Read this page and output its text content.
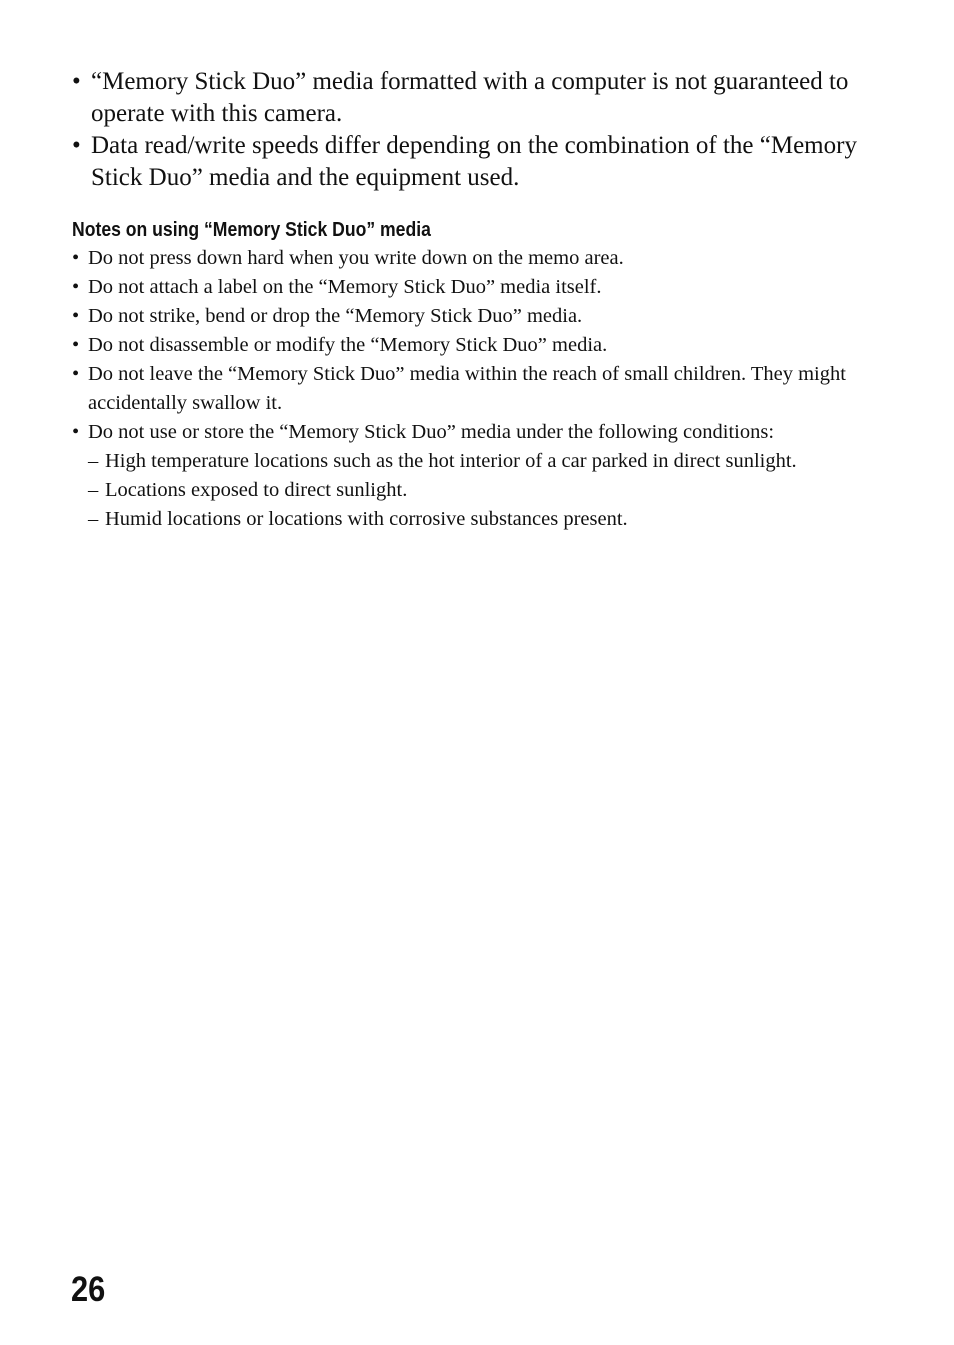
• “Memory Stick Duo” media formatted with a computer is not guaranteed to operate with this camera.
• Data read/write speeds differ depending on the combination of the “Memory Stick Duo” media and the equipment used.
Notes on using “Memory Stick Duo” media
• Do not press down hard when you write down on the memo area.
• Do not attach a label on the “Memory Stick Duo” media itself.
• Do not strike, bend or drop the “Memory Stick Duo” media.
• Do not disassemble or modify the “Memory Stick Duo” media.
• Do not leave the “Memory Stick Duo” media within the reach of small children. They might accidentally swallow it.
• Do not use or store the “Memory Stick Duo” media under the following conditions:
– High temperature locations such as the hot interior of a car parked in direct sunlight.
– Locations exposed to direct sunlight.
– Humid locations or locations with corrosive substances present.
26
